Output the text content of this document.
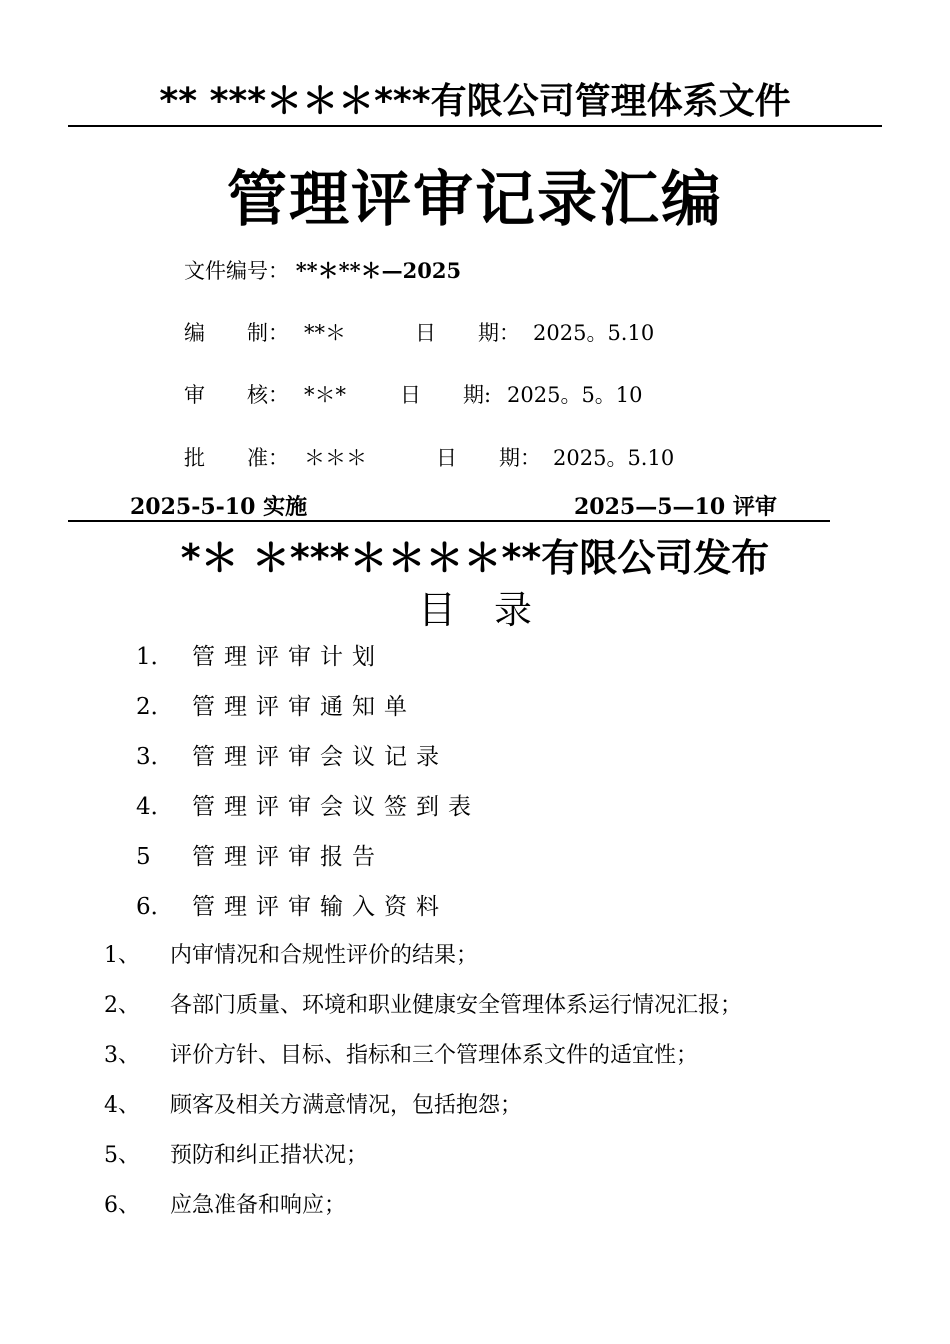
** ***＊＊＊***有限公司管理体系文件
管理评审记录汇编
文件编号： **＊**＊—2025
编　　制： **＊	日　　期： 2025。5.10
审　　核： *＊*	日　　期: 2025。5。10
批　　准： ＊＊＊	日　　期： 2025。5.10
2025-5-10 实施	2025—5—10 评审
*＊ ＊***＊＊＊＊**有限公司发布
目　录
1． 管理评审计划
2． 管理评审通知单
3． 管理评审会议记录
4． 管理评审会议签到表
5 管理评审报告
6． 管理评审输入资料
1、 内审情况和合规性评价的结果；
2、 各部门质量、环境和职业健康安全管理体系运行情况汇报；
3、 评价方针、目标、指标和三个管理体系文件的适宜性；
4、 顾客及相关方满意情况，包括抱怨；
5、 预防和纠正措状况；
6、 应急准备和响应；
